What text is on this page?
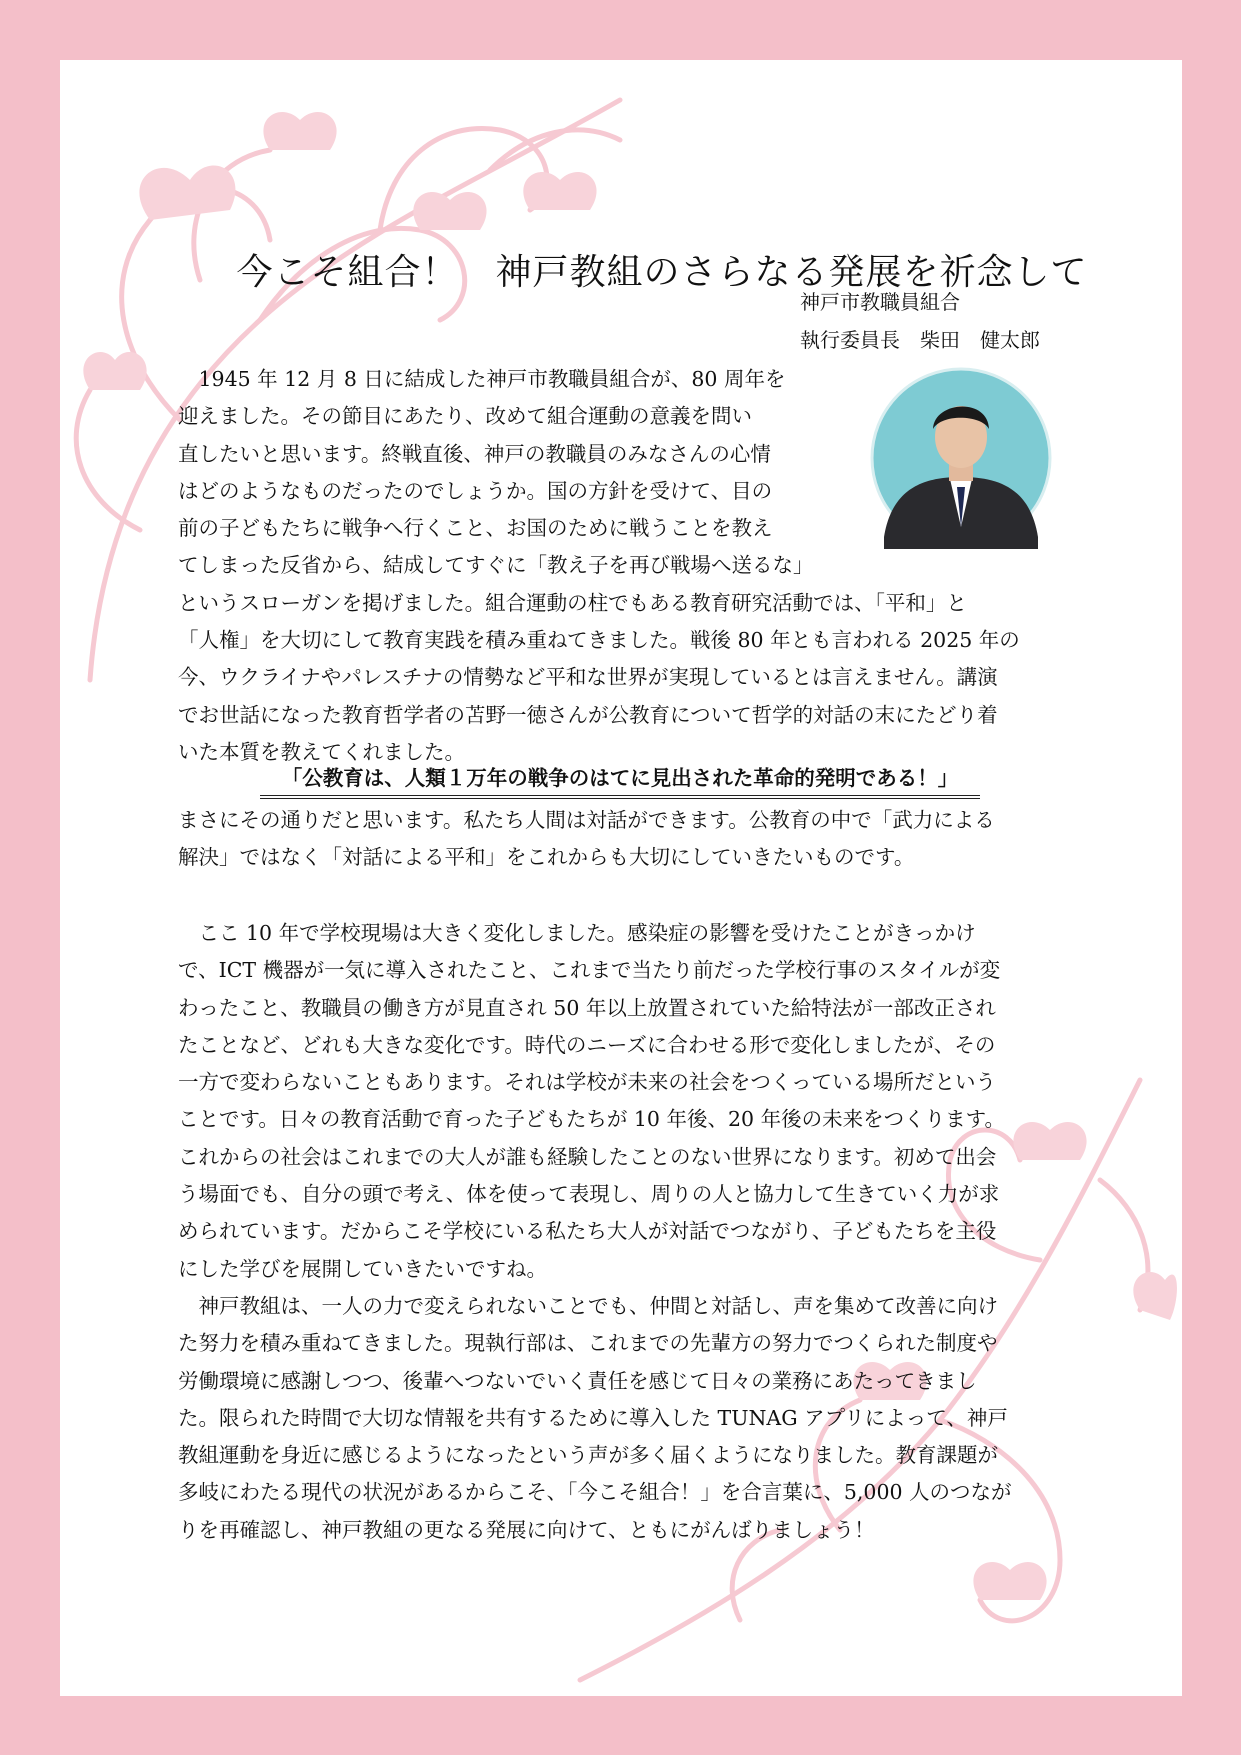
今こそ組合！　神戸教組のさらなる発展を祈念して
神戸市教職員組合
執行委員長　柴田　健太郎
　1945 年 12 月 8 日に結成した神戸市教職員組合が、80 周年を
迎えました。その節目にあたり、改めて組合運動の意義を問い
直したいと思います。終戦直後、神戸の教職員のみなさんの心情
はどのようなものだったのでしょうか。国の方針を受けて、目の
前の子どもたちに戦争へ行くこと、お国のために戦うことを教え
てしまった反省から、結成してすぐに「教え子を再び戦場へ送るな」
というスローガンを掲げました。組合運動の柱でもある教育研究活動では、「平和」と
「人権」を大切にして教育実践を積み重ねてきました。戦後 80 年とも言われる 2025 年の
今、ウクライナやパレスチナの情勢など平和な世界が実現しているとは言えません。講演
でお世話になった教育哲学者の苫野一徳さんが公教育について哲学的対話の末にたどり着
いた本質を教えてくれました。
「公教育は、人類１万年の戦争のはてに見出された革命的発明である！」
まさにその通りだと思います。私たち人間は対話ができます。公教育の中で「武力による
解決」ではなく「対話による平和」をこれからも大切にしていきたいものです。
　ここ 10 年で学校現場は大きく変化しました。感染症の影響を受けたことがきっかけ
で、ICT 機器が一気に導入されたこと、これまで当たり前だった学校行事のスタイルが変
わったこと、教職員の働き方が見直され 50 年以上放置されていた給特法が一部改正され
たことなど、どれも大きな変化です。時代のニーズに合わせる形で変化しましたが、その
一方で変わらないこともあります。それは学校が未来の社会をつくっている場所だという
ことです。日々の教育活動で育った子どもたちが 10 年後、20 年後の未来をつくります。
これからの社会はこれまでの大人が誰も経験したことのない世界になります。初めて出会
う場面でも、自分の頭で考え、体を使って表現し、周りの人と協力して生きていく力が求
められています。だからこそ学校にいる私たち大人が対話でつながり、子どもたちを主役
にした学びを展開していきたいですね。
　神戸教組は、一人の力で変えられないことでも、仲間と対話し、声を集めて改善に向け
た努力を積み重ねてきました。現執行部は、これまでの先輩方の努力でつくられた制度や
労働環境に感謝しつつ、後輩へつないでいく責任を感じて日々の業務にあたってきまし
た。限られた時間で大切な情報を共有するために導入した TUNAG アプリによって、神戸
教組運動を身近に感じるようになったという声が多く届くようになりました。教育課題が
多岐にわたる現代の状況があるからこそ、「今こそ組合！」を合言葉に、5,000 人のつなが
りを再確認し、神戸教組の更なる発展に向けて、ともにがんばりましょう！
